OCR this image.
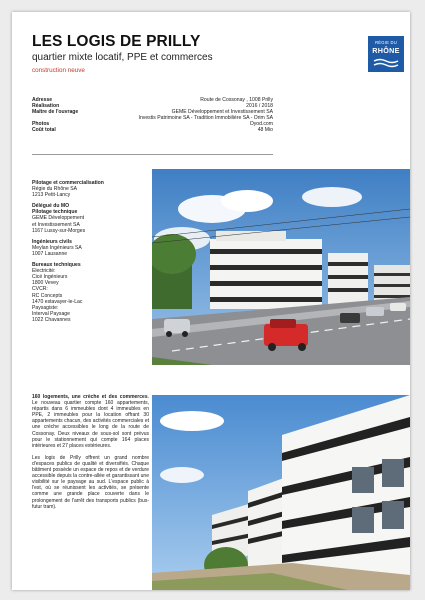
LES LOGIS DE PRILLY
quartier mixte locatif, PPE et commerces
construction neuve
RÉGIE DU
RHÔNE
Adresse	Route de Cossonay , 1008 Prilly
Réalisation	2016 / 2018
Maître de l'ouvrage	GEME Développement et Investissement SA
Investis Patrimoine SA - Tradition Immobilière SA - Orim SA
Photos	Dyod.com
Coût total	48 Mio
Pilotage et commercialisation
Régie du Rhône SA
1213 Petit-Lancy
Délégué du MO
Pilotage technique
GEME Développement
et Investissement SA
1167 Lussy-sur-Morges
Ingénieurs civils
Meylan Ingénieurs SA
1007 Lausanne
Bureaux techniques
Electricité:
Cicé Ingénieurs
1800 Vevey
CVCR:
RC Concepts
1470 estavayer-le-Lac
Paysagiste:
Interval Paysage
1022 Chavannes

160 logements, une crèche et des commerces. Le nouveau quartier compte 160 appartements, répartis dans 6 immeubles dont 4 immeubles en PPE, 2 immeubles pour la location offrant 30 appartements chacun, des activités commerciales et une crèche accessibles le long de la route de Cossonay. Deux niveaux de sous-sol sont prévus pour le stationnement qui compte 164 places intérieures et 27 places extérieures.

Les logis de Prilly offrent un grand nombre d'espaces publics de qualité et diversifiés. Chaque bâtiment possède un espace de repos et de verdure accessible depuis la contre-allée et garantissant une visibilité sur le paysage au sud. L'espace public à l'est, où se réunissent les activités, se présente comme une grande place couverte dans le prolongement de l'arrêt des transports publics (bus-futur tram).
